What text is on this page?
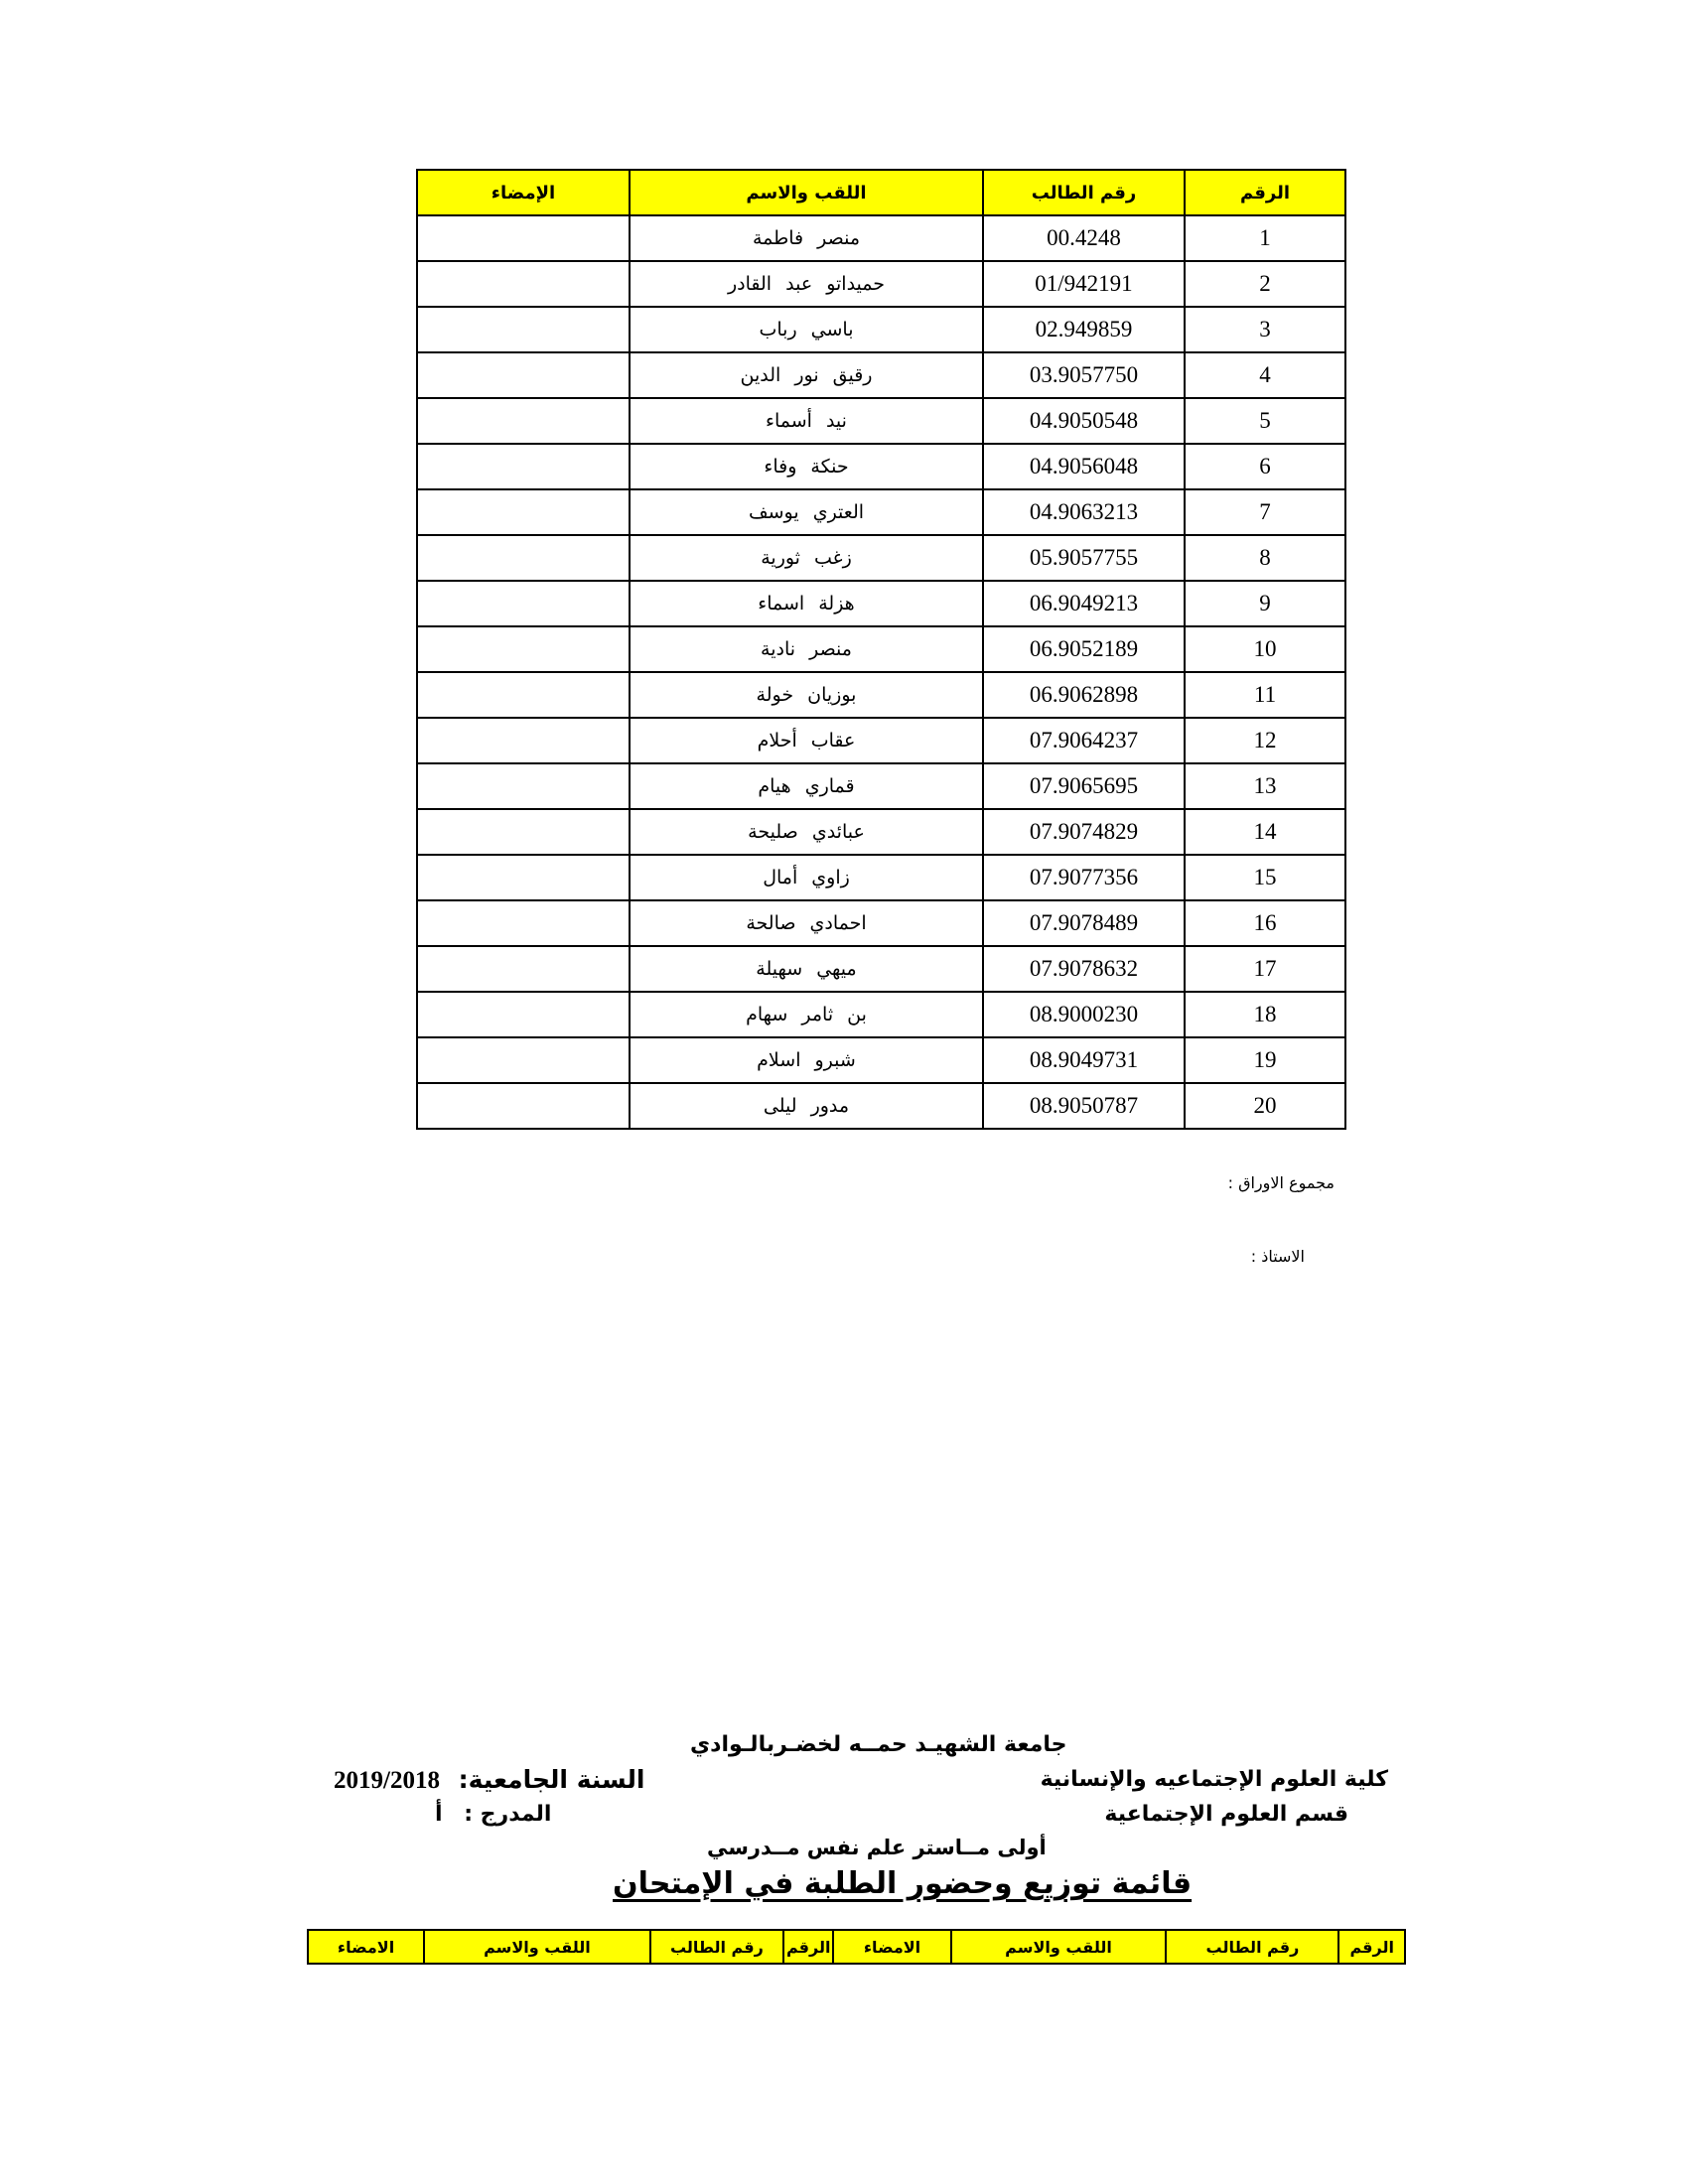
الرقم	رقم الطالب	اللقب والاسم	الإمضاء
1	00.4248	منصر فاطمة	
2	01/942191	حميداتو عبد القادر	
3	02.949859	باسي رباب	
4	03.9057750	رقيق نور الدين	
5	04.9050548	نيد أسماء	
6	04.9056048	حنكة وفاء	
7	04.9063213	العتري يوسف	
8	05.9057755	زغب ثورية	
9	06.9049213	هزلة اسماء	
10	06.9052189	منصر نادية	
11	06.9062898	بوزيان خولة	
12	07.9064237	عقاب أحلام	
13	07.9065695	قماري هيام	
14	07.9074829	عبائدي صليحة	
15	07.9077356	زاوي أمال	
16	07.9078489	احمادي صالحة	
17	07.9078632	ميهي سهيلة	
18	08.9000230	بن ثامر سهام	
19	08.9049731	شبرو اسلام	
20	08.9050787	مدور ليلى	
مجموع الاوراق :
الاستاذ :
جامعة الشهيـد حمــه لخضـربالـوادي
كلية العلوم الإجتماعيه والإنسانية
السنة الجامعية: 2019/2018
قسم العلوم الإجتماعية
المدرج : أ
أولى مــاستر علم نفس مــدرسي
قائمة توزيع وحضور الطلبة في الإمتحان
الرقم	رقم الطالب	اللقب والاسم	الامضاء	الرقم	رقم الطالب	اللقب والاسم	الامضاء
